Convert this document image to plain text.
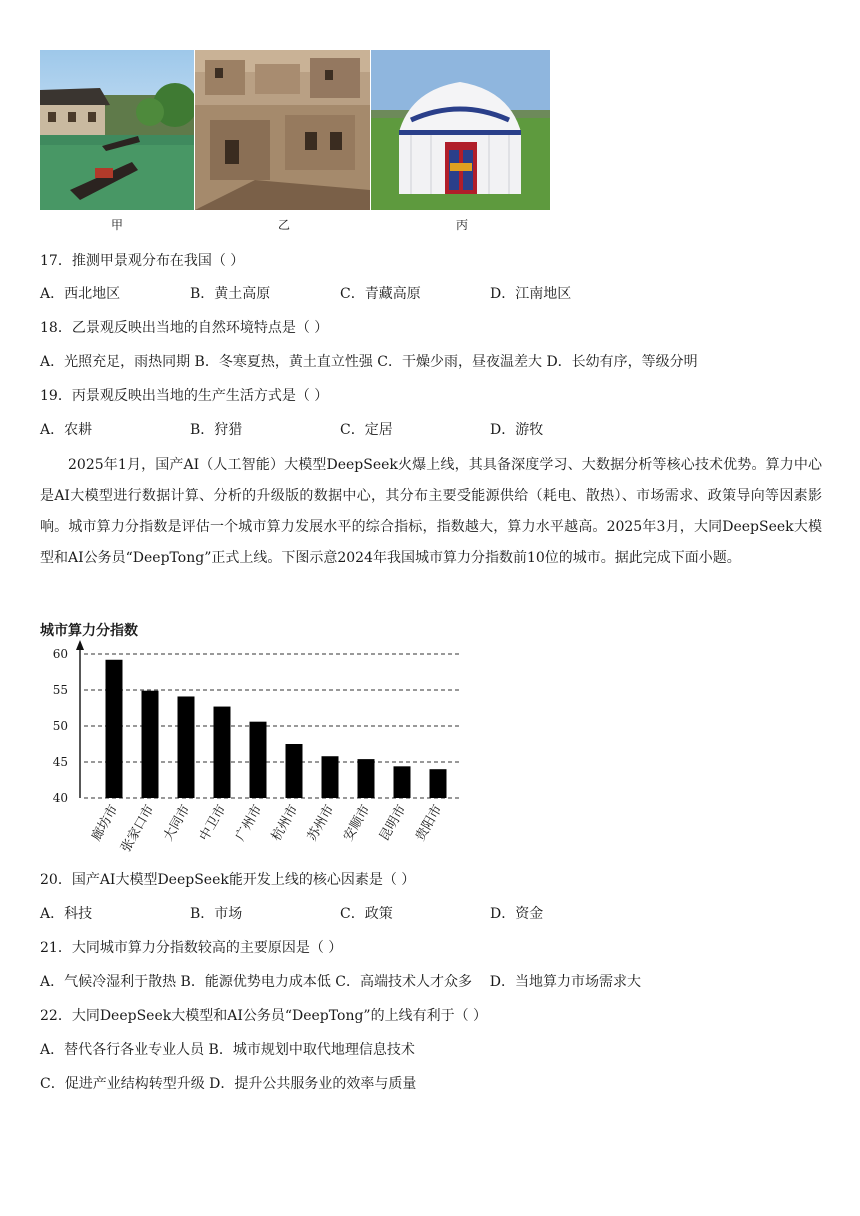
甲	乙	丙
17．推测甲景观分布在我国（ ）
A．西北地区	B．黄土高原	C．青藏高原	D．江南地区
18．乙景观反映出当地的自然环境特点是（ ）
A．光照充足，雨热同期 B．冬寒夏热，黄土直立性强 C．干燥少雨，昼夜温差大 D．长幼有序，等级分明
19．丙景观反映出当地的生产生活方式是（ ）
A．农耕	B．狩猎	C．定居	D．游牧
2025年1月，国产AI（人工智能）大模型DeepSeek火爆上线，其具备深度学习、大数据分析等核心技术优势。算力中心是AI大模型进行数据计算、分析的升级版的数据中心，其分布主要受能源供给（耗电、散热）、市场需求、政策导向等因素影响。城市算力分指数是评估一个城市算力发展水平的综合指标，指数越大，算力水平越高。2025年3月，大同DeepSeek大模型和AI公务员“DeepTong”正式上线。下图示意2024年我国城市算力分指数前10位的城市。据此完成下面小题。
城市算力分指数
40
45
50
55
60
廊坊市
张家口市 大同市 中卫市 广州市 杭州市 苏州市 安顺市 昆明市 贵阳市
20．国产AI大模型DeepSeek能开发上线的核心因素是（ ）
A．科技	B．市场	C．政策	D．资金
21．大同城市算力分指数较高的主要原因是（ ）
A．气候冷湿利于散热 B．能源优势电力成本低 C．高端技术人才众多    D．当地算力市场需求大
22．大同DeepSeek大模型和AI公务员“DeepTong”的上线有利于（ ）
A．替代各行各业专业人员 B．城市规划中取代地理信息技术
C．促进产业结构转型升级 D．提升公共服务业的效率与质量
